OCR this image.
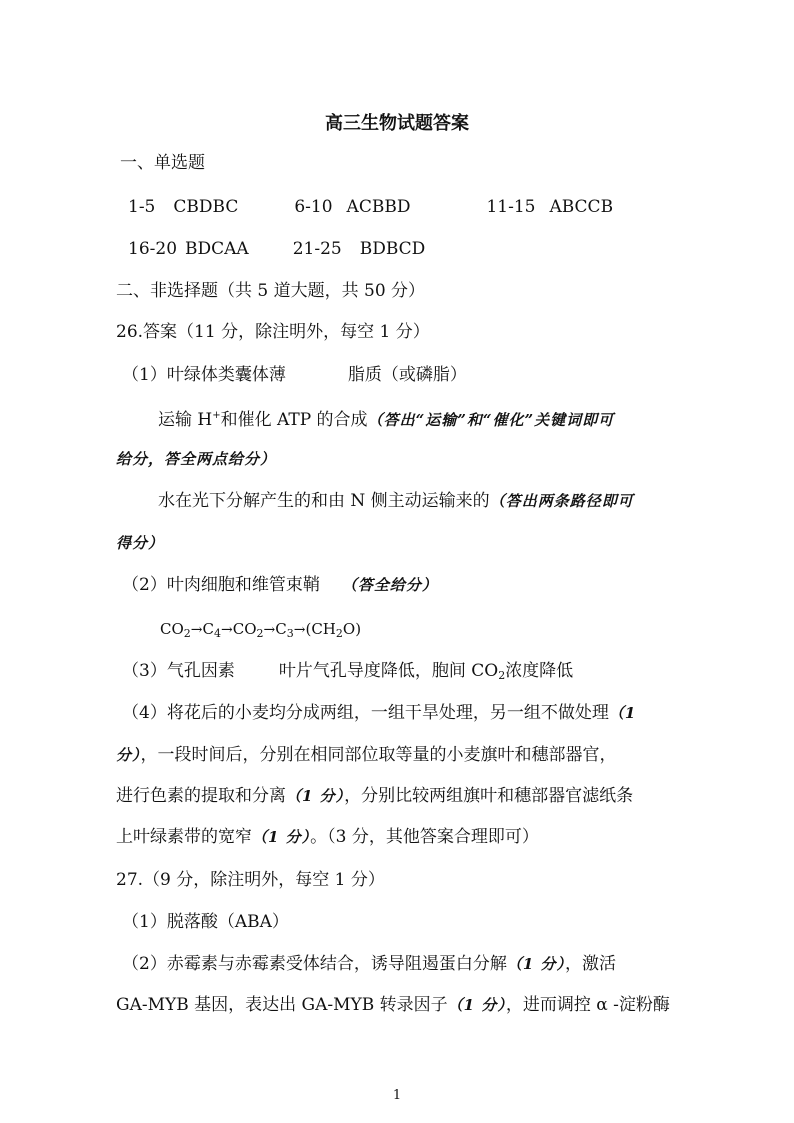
高三生物试题答案
一、单选题
1-5 CBDBC	6-10 ACBBD	11-15 ABCCB
16-20 BDCAA	21-25 BDBCD
二、非选择题（共 5 道大题，共 50 分）
26.答案（11 分，除注明外，每空 1 分）
（1）叶绿体类囊体薄	脂质（或磷脂）
运输 H+和催化 ATP 的合成（答出“运输”和“催化”关键词即可
给分，答全两点给分）
水在光下分解产生的和由 N 侧主动运输来的（答出两条路径即可
得分）
（2）叶肉细胞和维管束鞘 （答全给分）
$CO_2\to C_4\to CO_2\to C_3\to(CH_2O)$
（3）气孔因素	叶片气孔导度降低，胞间 $CO_2$浓度降低
（4）将花后的小麦均分成两组，一组干旱处理，另一组不做处理（1
分），一段时间后，分别在相同部位取等量的小麦旗叶和穗部器官，
进行色素的提取和分离（1 分），分别比较两组旗叶和穗部器官滤纸条
上叶绿素带的宽窄（1 分）。（3 分，其他答案合理即可）
27.（9 分，除注明外，每空 1 分）
（1）脱落酸（ABA）
（2）赤霉素与赤霉素受体结合，诱导阻遏蛋白分解（1 分），激活
GA-MYB 基因，表达出 GA-MYB 转录因子（1 分），进而调控 α -淀粉酶
1
